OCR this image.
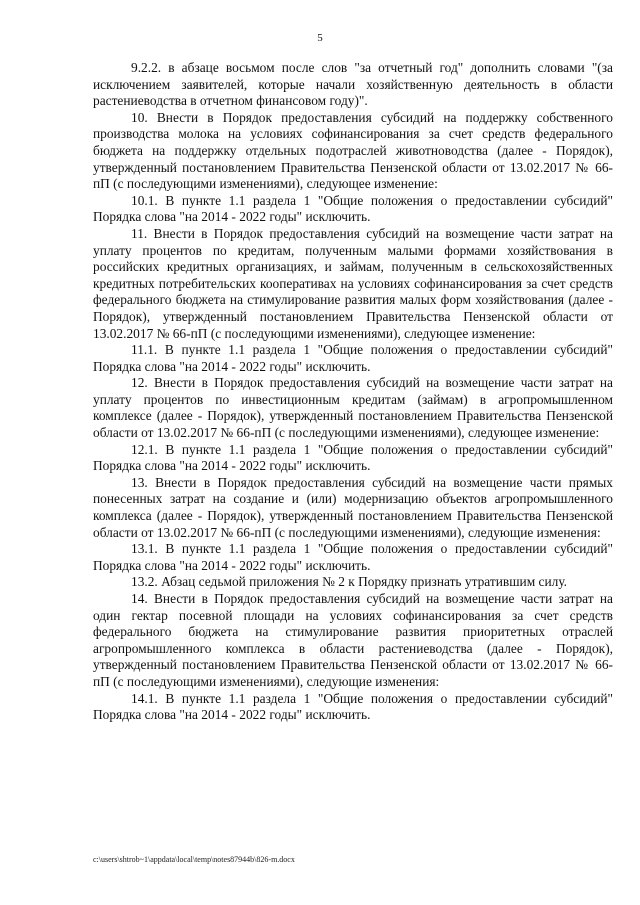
5

9.2.2. в абзаце восьмом после слов "за отчетный год" дополнить словами "(за исключением заявителей, которые начали хозяйственную деятельность в области растениеводства в отчетном финансовом году)".

10. Внести в Порядок предоставления субсидий на поддержку собственного производства молока на условиях софинансирования за счет средств федерального бюджета на поддержку отдельных подотраслей животноводства (далее - Порядок), утвержденный постановлением Правительства Пензенской области от 13.02.2017 № 66-пП (с последующими изменениями), следующее изменение:

10.1. В пункте 1.1 раздела 1 "Общие положения о предоставлении субсидий" Порядка слова "на 2014 - 2022 годы" исключить.

11. Внести в Порядок предоставления субсидий на возмещение части затрат на уплату процентов по кредитам, полученным малыми формами хозяйствования в российских кредитных организациях, и займам, полученным в сельскохозяйственных кредитных потребительских кооперативах на условиях софинансирования за счет средств федерального бюджета на стимулирование развития малых форм хозяйствования (далее - Порядок), утвержденный постановлением Правительства Пензенской области от 13.02.2017 № 66-пП (с последующими изменениями), следующее изменение:

11.1. В пункте 1.1 раздела 1 "Общие положения о предоставлении субсидий" Порядка слова "на 2014 - 2022 годы" исключить.

12. Внести в Порядок предоставления субсидий на возмещение части затрат на уплату процентов по инвестиционным кредитам (займам) в агропромышленном комплексе (далее - Порядок), утвержденный постановлением Правительства Пензенской области от 13.02.2017 № 66-пП (с последующими изменениями), следующее изменение:

12.1. В пункте 1.1 раздела 1 "Общие положения о предоставлении субсидий" Порядка слова "на 2014 - 2022 годы" исключить.

13. Внести в Порядок предоставления субсидий на возмещение части прямых понесенных затрат на создание и (или) модернизацию объектов агропромышленного комплекса (далее - Порядок), утвержденный постановлением Правительства Пензенской области от 13.02.2017 № 66-пП (с последующими изменениями), следующие изменения:

13.1. В пункте 1.1 раздела 1 "Общие положения о предоставлении субсидий" Порядка слова "на 2014 - 2022 годы" исключить.

13.2. Абзац седьмой приложения № 2 к Порядку признать утратившим силу.

14. Внести в Порядок предоставления субсидий на возмещение части затрат на один гектар посевной площади на условиях софинансирования за счет средств федерального бюджета на стимулирование развития приоритетных отраслей агропромышленного комплекса в области растениеводства (далее - Порядок), утвержденный постановлением Правительства Пензенской области от 13.02.2017 № 66-пП (с последующими изменениями), следующие изменения:

14.1. В пункте 1.1 раздела 1 "Общие положения о предоставлении субсидий" Порядка слова "на 2014 - 2022 годы" исключить.

c:\users\shtrob~1\appdata\local\temp\notes87944b\826-m.docx
